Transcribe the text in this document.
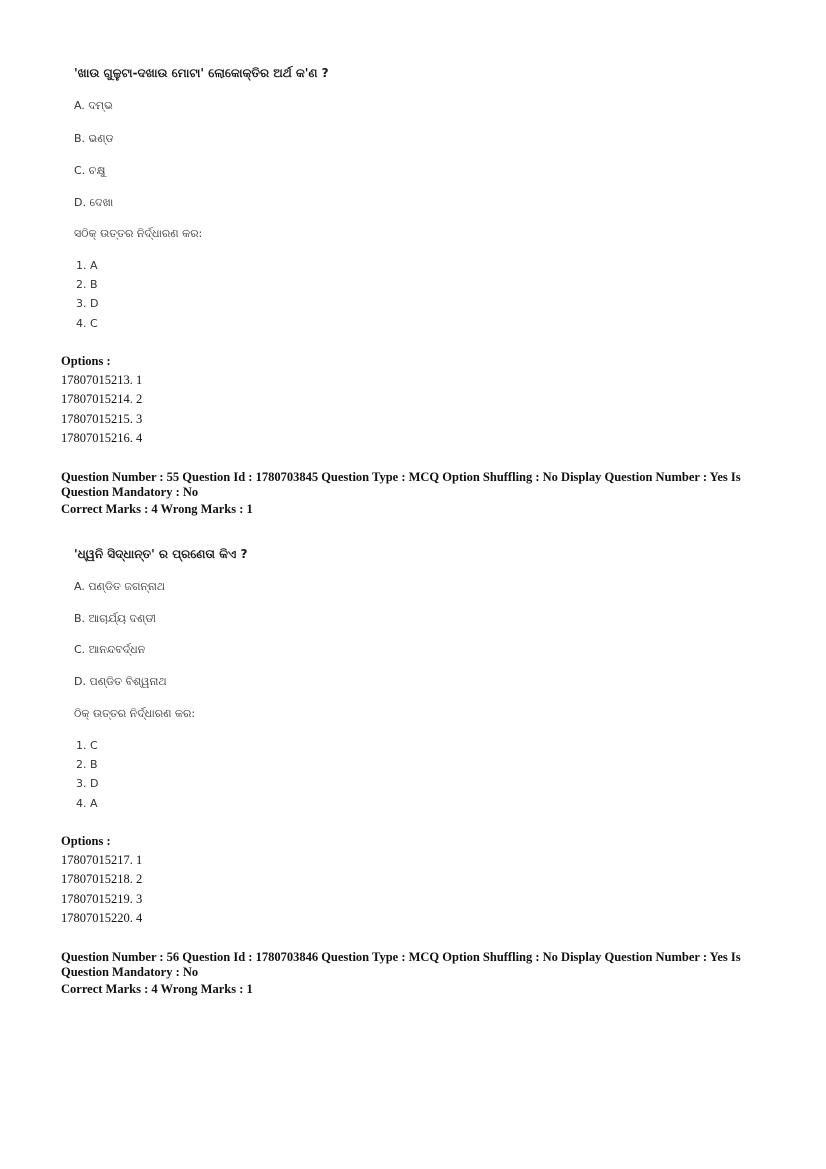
'ଖାଉ ଗୁଳୁଟା-ଦଖାଉ ମୋଟା' ଲୋକୋକ୍ତିର ଅର୍ଥ କ'ଣ ?
A. ଦମ୍ଭ
B. ଭଣ୍ଡ
C. ଚକ୍ଷୁ
D. ଦେଖା
ସଠିକ୍ ଉତ୍ତର ନିର୍ଦ୍ଧାରଣ କର:
1. A
2. B
3. D
4. C
Options :
17807015213. 1
17807015214. 2
17807015215. 3
17807015216. 4
Question Number : 55 Question Id : 1780703845 Question Type : MCQ Option Shuffling : No Display Question Number : Yes Is Question Mandatory : No
Correct Marks : 4 Wrong Marks : 1
'ଧ୍ୱନି ସିଦ୍ଧାନ୍ତ' ର ପ୍ରଣେତା କିଏ ?
A. ପଣ୍ଡିତ ଜଗନ୍ନାଥ
B. ଆଚାର୍ଯ୍ୟ ଦଣ୍ଡୀ
C. ଆନନ୍ଦବର୍ଦ୍ଧନ
D. ପଣ୍ଡିତ ବିଶ୍ୱନାଥ
ଠିକ୍ ଉତ୍ତର ନିର୍ଦ୍ଧାରଣ କର:
1. C
2. B
3. D
4. A
Options :
17807015217. 1
17807015218. 2
17807015219. 3
17807015220. 4
Question Number : 56 Question Id : 1780703846 Question Type : MCQ Option Shuffling : No Display Question Number : Yes Is Question Mandatory : No
Correct Marks : 4 Wrong Marks : 1
